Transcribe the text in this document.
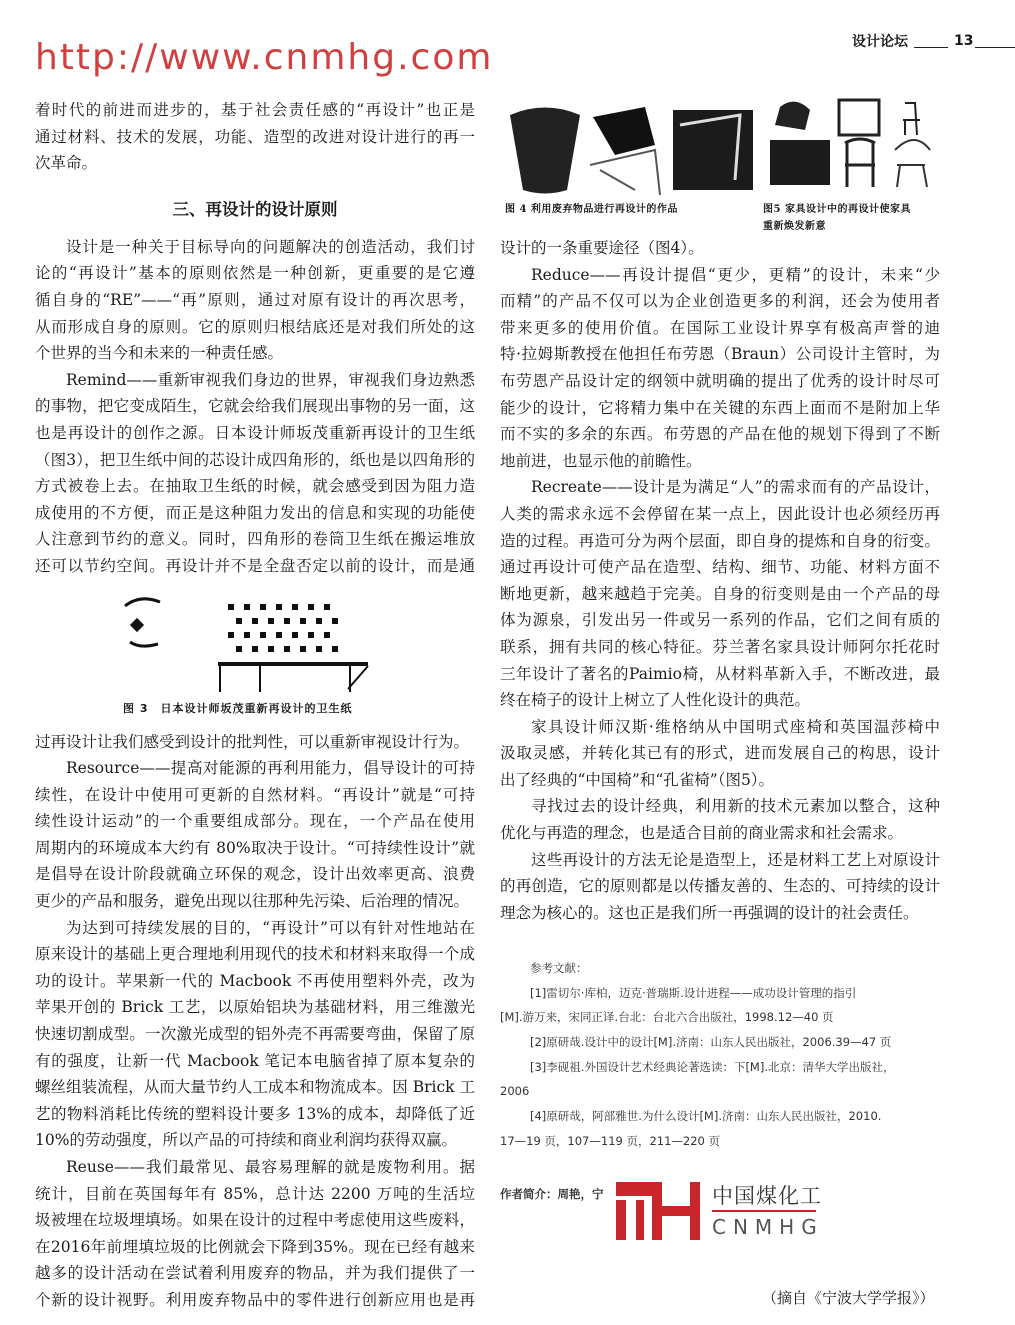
设计论坛	13
着时代的前进而进步的，基于社会责任感的“再设计”也正是
通过材料、技术的发展，功能、造型的改进对设计进行的再一
次革命。
三、再设计的设计原则
设计是一种关于目标导向的问题解决的创造活动，我们讨
论的“再设计”基本的原则依然是一种创新，更重要的是它遵
循自身的“RE”——“再”原则，通过对原有设计的再次思考，
从而形成自身的原则。它的原则归根结底还是对我们所处的这
个世界的当今和未来的一种责任感。
Remind——重新审视我们身边的世界，审视我们身边熟悉
的事物，把它变成陌生，它就会给我们展现出事物的另一面，这
也是再设计的创作之源。日本设计师坂茂重新再设计的卫生纸
（图3），把卫生纸中间的芯设计成四角形的，纸也是以四角形的
方式被卷上去。在抽取卫生纸的时候，就会感受到因为阻力造
成使用的不方便，而正是这种阻力发出的信息和实现的功能使
人注意到节约的意义。同时，四角形的卷筒卫生纸在搬运堆放
还可以节约空间。再设计并不是全盘否定以前的设计，而是通
图 3　日本设计师坂茂重新再设计的卫生纸
过再设计让我们感受到设计的批判性，可以重新审视设计行为。
Resource——提高对能源的再利用能力，倡导设计的可持
续性，在设计中使用可更新的自然材料。“再设计”就是“可持
续性设计运动”的一个重要组成部分。现在，一个产品在使用
周期内的环境成本大约有 80%取决于设计。“可持续性设计”就
是倡导在设计阶段就确立环保的观念，设计出效率更高、浪费
更少的产品和服务，避免出现以往那种先污染、后治理的情况。
为达到可持续发展的目的，“再设计”可以有针对性地站在
原来设计的基础上更合理地利用现代的技术和材料来取得一个成
功的设计。苹果新一代的 Macbook 不再使用塑料外壳，改为
苹果开创的 Brick 工艺，以原始铝块为基础材料，用三维激光
快速切割成型。一次激光成型的铝外壳不再需要弯曲，保留了原
有的强度，让新一代 Macbook 笔记本电脑省掉了原本复杂的
螺丝组装流程，从而大量节约人工成本和物流成本。因 Brick 工
艺的物料消耗比传统的塑料设计要多 13%的成本，却降低了近
10%的劳动强度，所以产品的可持续和商业利润均获得双赢。
Reuse——我们最常见、最容易理解的就是废物利用。据
统计，目前在英国每年有 85%，总计达 2200 万吨的生活垃
圾被埋在垃圾埋填场。如果在设计的过程中考虑使用这些废料，
在2016年前埋填垃圾的比例就会下降到35%。现在已经有越来
越多的设计活动在尝试着利用废弃的物品，并为我们提供了一
个新的设计视野。利用废弃物品中的零件进行创新应用也是再
图 4 利用废弃物品进行再设计的作品	图5 家具设计中的再设计使家具
重新焕发新意
设计的一条重要途径（图4）。
Reduce——再设计提倡“更少，更精”的设计，未来“少
而精”的产品不仅可以为企业创造更多的利润，还会为使用者
带来更多的使用价值。在国际工业设计界享有极高声誉的迪
特·拉姆斯教授在他担任布劳恩（Braun）公司设计主管时，为
布劳恩产品设计定的纲领中就明确的提出了优秀的设计时尽可
能少的设计，它将精力集中在关键的东西上面而不是附加上华
而不实的多余的东西。布劳恩的产品在他的规划下得到了不断
地前进，也显示他的前瞻性。
Recreate——设计是为满足“人”的需求而有的产品设计，
人类的需求永远不会停留在某一点上，因此设计也必须经历再
造的过程。再造可分为两个层面，即自身的提炼和自身的衍变。
通过再设计可使产品在造型、结构、细节、功能、材料方面不
断地更新，越来越趋于完美。自身的衍变则是由一个产品的母
体为源泉，引发出另一件或另一系列的作品，它们之间有质的
联系，拥有共同的核心特征。芬兰著名家具设计师阿尔托花时
三年设计了著名的Paimio椅，从材料革新入手，不断改进，最
终在椅子的设计上树立了人性化设计的典范。
家具设计师汉斯·维格纳从中国明式座椅和英国温莎椅中
汲取灵感，并转化其已有的形式，进而发展自己的构思，设计
出了经典的“中国椅”和“孔雀椅”（图5）。
寻找过去的设计经典，利用新的技术元素加以整合，这种
优化与再造的理念，也是适合目前的商业需求和社会需求。
这些再设计的方法无论是造型上，还是材料工艺上对原设计
的再创造，它的原则都是以传播友善的、生态的、可持续的设计
理念为核心的。这也正是我们所一再强调的设计的社会责任。
参考文献：
[1]雷切尔·库柏，迈克·普瑞斯.设计进程——成功设计管理的指引
[M].游万来，宋同正译.台北：台北六合出版社，1998.12—40 页
[2]原研哉.设计中的设计[M].济南：山东人民出版社，2006.39—47 页
[3]李砚祖.外国设计艺术经典论著选读：下[M].北京：清华大学出版社，
2006
[4]原研哉，阿部雅世.为什么设计[M].济南：山东人民出版社，2010.
17—19 页，107—119 页，211—220 页
作者简介：周艳，宁	中国煤化工
CNMHG
（摘自《宁波大学学报》）
http://www.cnmhg.com
